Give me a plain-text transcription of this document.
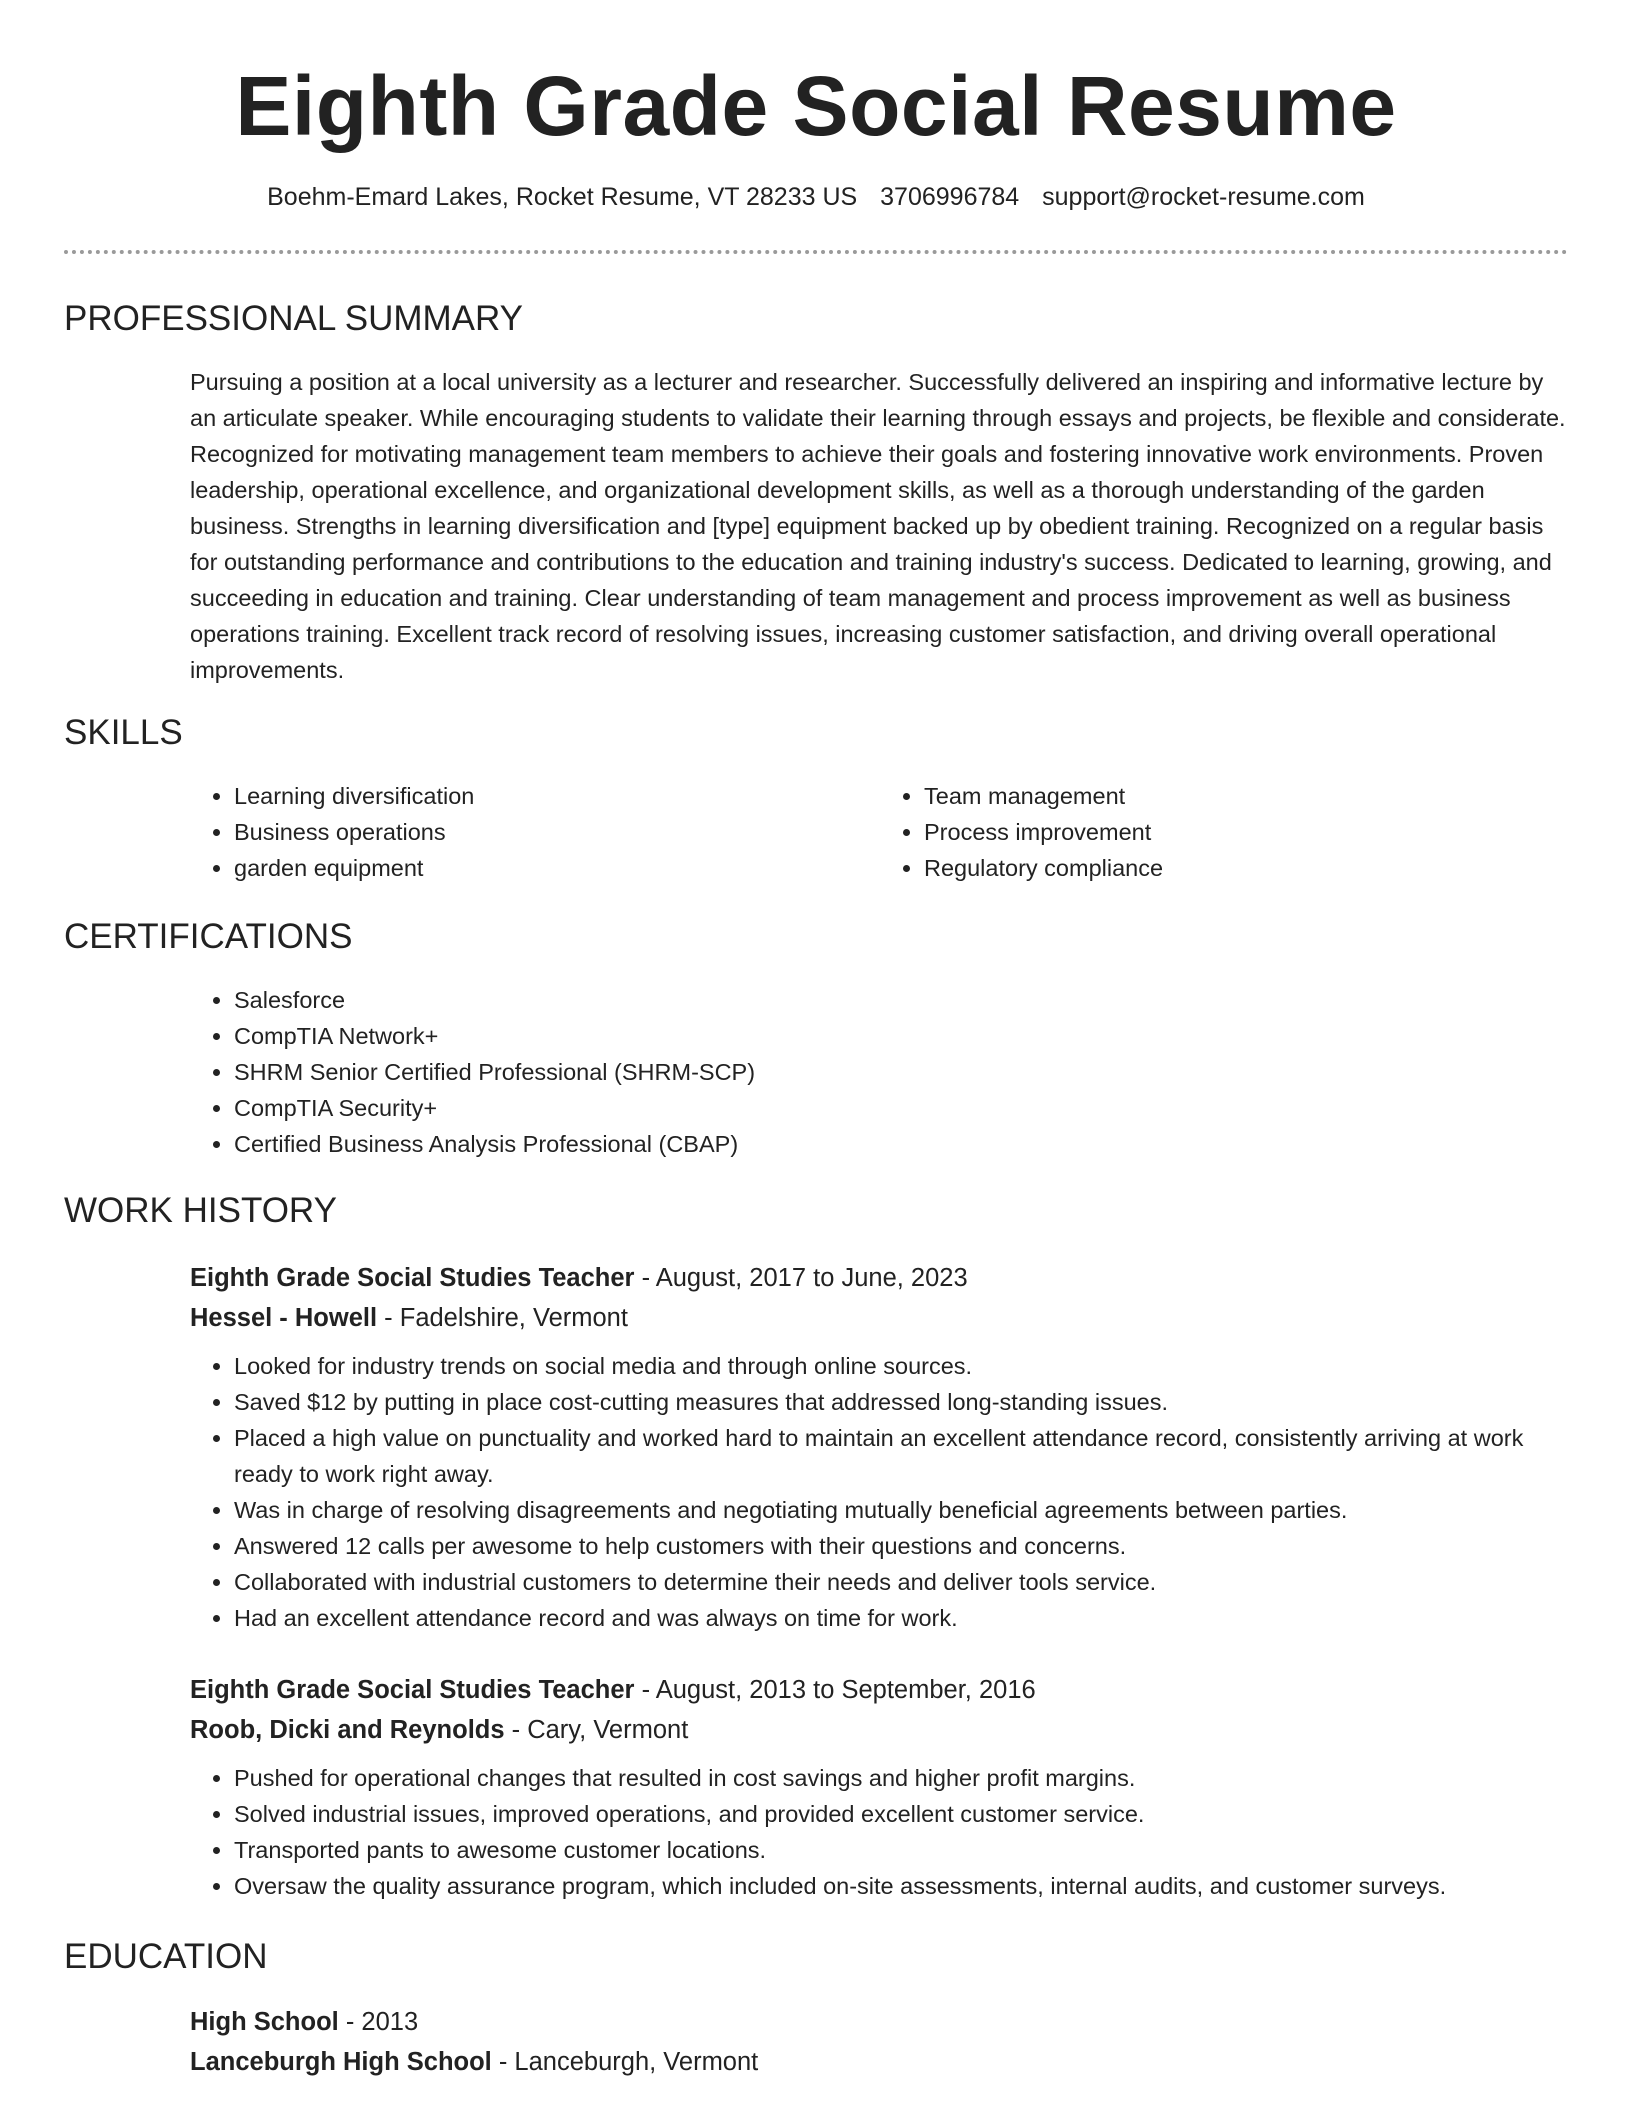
Eighth Grade Social Resume
Boehm-Emard Lakes, Rocket Resume, VT 28233 US 3706996784 support@rocket-resume.com
PROFESSIONAL SUMMARY
Pursuing a position at a local university as a lecturer and researcher. Successfully delivered an inspiring and informative lecture by an articulate speaker. While encouraging students to validate their learning through essays and projects, be flexible and considerate. Recognized for motivating management team members to achieve their goals and fostering innovative work environments. Proven leadership, operational excellence, and organizational development skills, as well as a thorough understanding of the garden business. Strengths in learning diversification and [type] equipment backed up by obedient training. Recognized on a regular basis for outstanding performance and contributions to the education and training industry's success. Dedicated to learning, growing, and succeeding in education and training. Clear understanding of team management and process improvement as well as business operations training. Excellent track record of resolving issues, increasing customer satisfaction, and driving overall operational improvements.
SKILLS
• Learning diversification
• Business operations
• garden equipment
• Team management
• Process improvement
• Regulatory compliance
CERTIFICATIONS
• Salesforce
• CompTIA Network+
• SHRM Senior Certified Professional (SHRM-SCP)
• CompTIA Security+
• Certified Business Analysis Professional (CBAP)
WORK HISTORY
Eighth Grade Social Studies Teacher - August, 2017 to June, 2023
Hessel - Howell - Fadelshire, Vermont
• Looked for industry trends on social media and through online sources.
• Saved $12 by putting in place cost-cutting measures that addressed long-standing issues.
• Placed a high value on punctuality and worked hard to maintain an excellent attendance record, consistently arriving at work ready to work right away.
• Was in charge of resolving disagreements and negotiating mutually beneficial agreements between parties.
• Answered 12 calls per awesome to help customers with their questions and concerns.
• Collaborated with industrial customers to determine their needs and deliver tools service.
• Had an excellent attendance record and was always on time for work.
Eighth Grade Social Studies Teacher - August, 2013 to September, 2016
Roob, Dicki and Reynolds - Cary, Vermont
• Pushed for operational changes that resulted in cost savings and higher profit margins.
• Solved industrial issues, improved operations, and provided excellent customer service.
• Transported pants to awesome customer locations.
• Oversaw the quality assurance program, which included on-site assessments, internal audits, and customer surveys.
EDUCATION
High School - 2013
Lanceburgh High School - Lanceburgh, Vermont
